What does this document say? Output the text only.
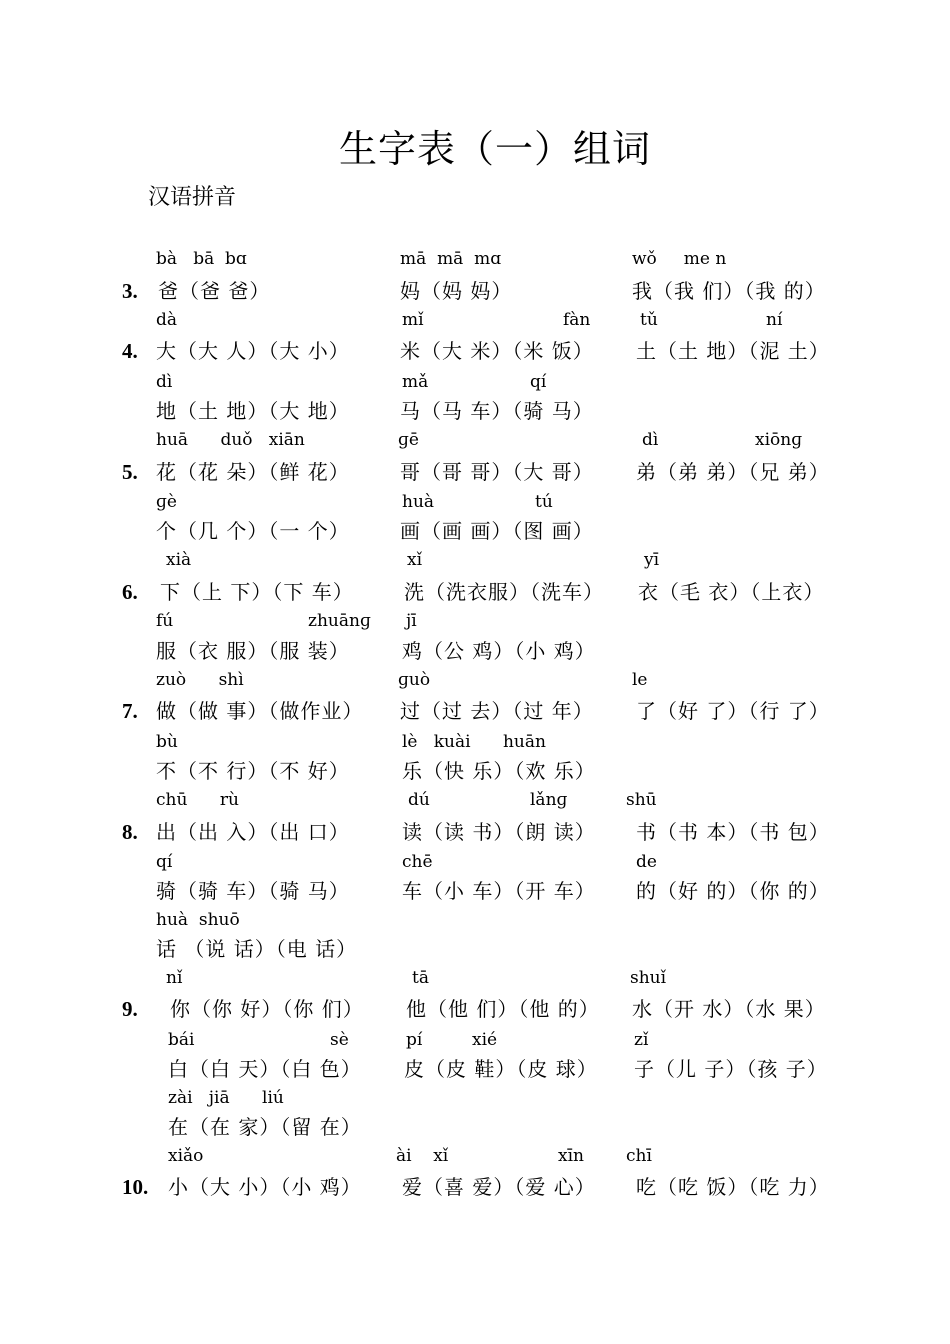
生字表（一）组词
汉语拼音
bà   bā  bɑ	mā  mā  mɑ	wǒ     me n
3. 爸（爸 爸）	妈（妈 妈）	我（我 们）（我 的）
dà	mǐ	fàn	tǔ	ní
4. 大（大 人）（大 小）	米（大 米）（米 饭） 土（土 地）（泥 土）
dì	mǎ	qí
地（土 地）（大 地）	马（马 车）（骑 马）
huā      duǒ   xiān	ɡē	dì	xiōnɡ
5. 花（花 朵）（鲜 花）	哥（哥 哥）（大 哥） 弟（弟 弟）（兄 弟）
ɡè	huà	tú
个（几 个）（一 个）	画（画 画）（图 画）
xià	xǐ	yī
6. 下（上 下）（下 车）	洗（洗衣服）（洗车） 衣（毛 衣）（上衣）
fú	zhuānɡ jī
服（衣 服）（服 装）	鸡（公 鸡）（小 鸡）
zuò      shì	ɡuò	le
7. 做（做 事）（做作业） 过（过 去）（过 年） 了（好 了）（行 了）
bù	lè   kuài      huān
不（不 行）（不 好）	乐（快 乐）（欢 乐）
chū      rù	dú	lǎnɡ	shū
8. 出（出 入）（出 口）	读（读 书）（朗 读） 书（书 本）（书 包）
qí	chē	de
骑（骑 车）（骑 马）	车（小 车）（开 车） 的（好 的）（你 的）
huà  shuō
话 （说 话）（电 话）
nǐ	tā	shuǐ
9. 你（你 好）（你 们） 他（他 们）（他 的） 水（开 水）（水 果）
bái	sè	pí	xié	zǐ
白（白 天）（白 色） 皮（皮 鞋）（皮 球） 子（儿 子）（孩 子）
zài   jiā      liú
在（在 家）（留 在）
xiǎo	ài    xǐ	xīn chī
10. 小（大 小）（小 鸡） 爱（喜 爱）（爱 心） 吃（吃 饭）（吃 力）
